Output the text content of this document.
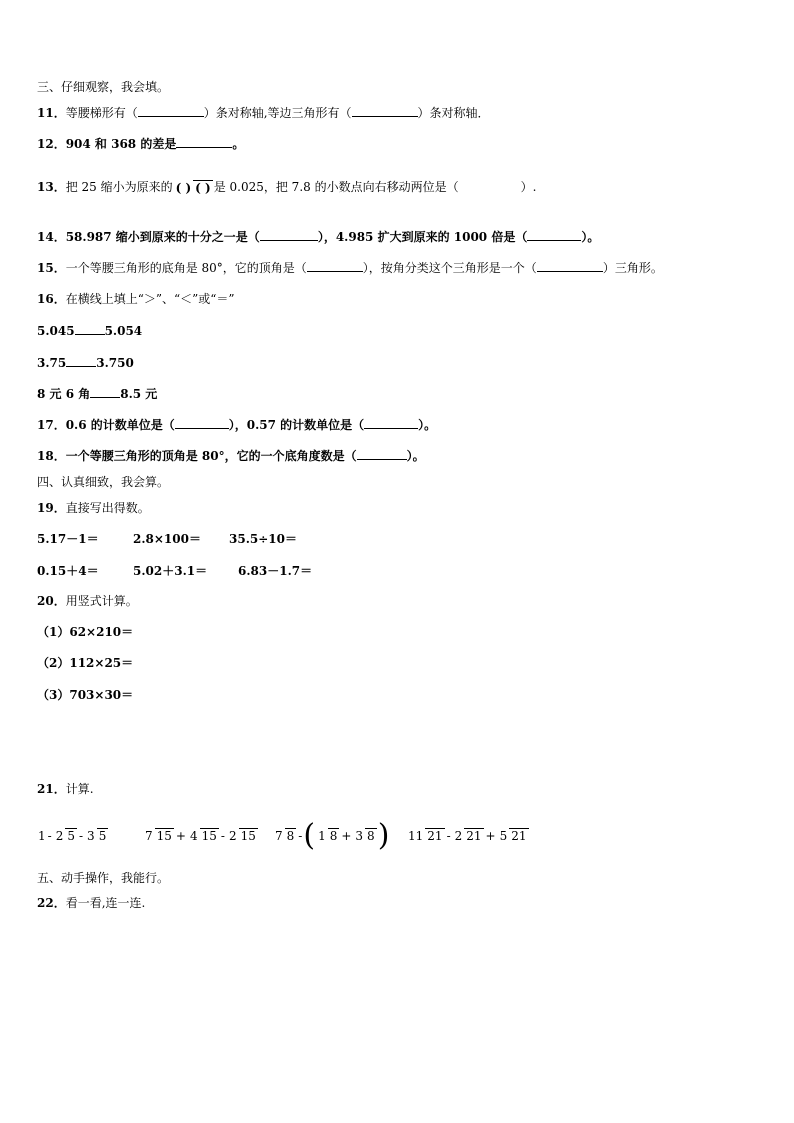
三、仔细观察，我会填。
11．等腰梯形有（	）条对称轴,等边三角形有（	）条对称轴．
12．904 和 368 的差是	。
13．把 25 缩小为原来的 ( ) ( ) 是 0.025，把 7.8 的小数点向右移动两位是（	）.
14．58.987 缩小到原来的十分之一是（	），4.985 扩大到原来的 1000 倍是（	）。
15．一个等腰三角形的底角是 80°，它的顶角是（	），按角分类这个三角形是一个（	）三角形。
16．在横线上填上“＞”、“＜”或“＝”
5.045	5.054
3.75	3.750
8 元 6 角	8.5 元
17．0.6 的计数单位是（	），0.57 的计数单位是（	）。
18．一个等腰三角形的顶角是 80°，它的一个底角度数是（	）。
四、认真细致，我会算。
19．直接写出得数。
5.17－1＝	2.8×100＝ 35.5÷10＝
0.15＋4＝	5.02＋3.1＝	6.83－1.7＝
20．用竖式计算。
（1）62×210＝
（2）112×25＝
（3）703×30＝
21．计算.
1 - 2 5 - 3 5	7 15 + 4 15 - 2 15 7 8 -( 1 8 + 3 8 ) 11 21 - 2 21 + 5 21
五、动手操作，我能行。
22．看一看,连一连.
